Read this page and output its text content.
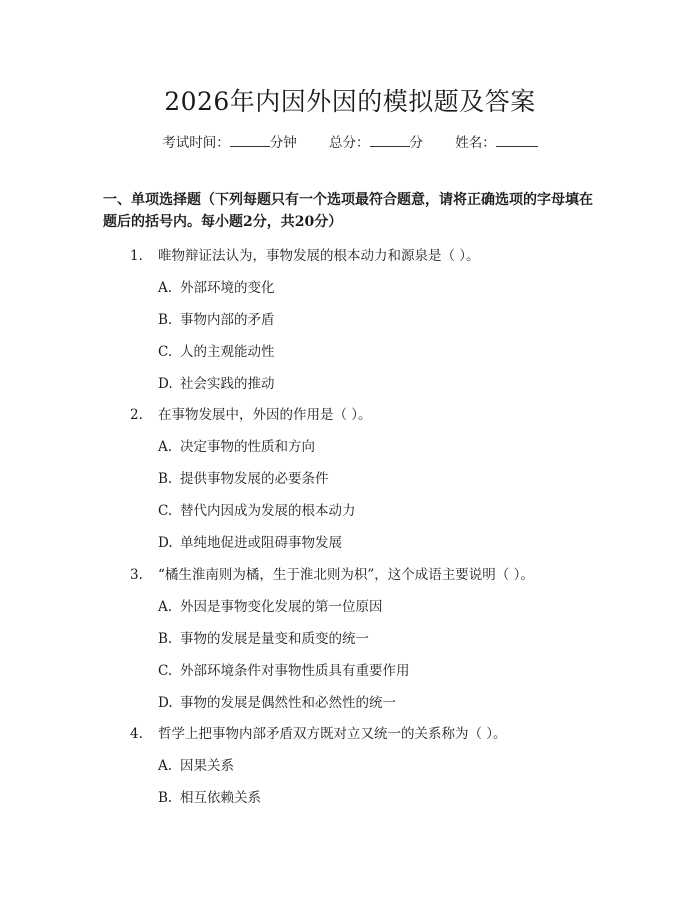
2026年内因外因的模拟题及答案
考试时间：	分钟 总分：	分 姓名：
一、单项选择题（下列每题只有一个选项最符合题意，请将正确选项的字母填在题后的括号内。每小题2分，共20分）
1. 唯物辩证法认为，事物发展的根本动力和源泉是（ ）。
A. 外部环境的变化
B. 事物内部的矛盾
C. 人的主观能动性
D. 社会实践的推动
2. 在事物发展中，外因的作用是（ ）。
A. 决定事物的性质和方向
B. 提供事物发展的必要条件
C. 替代内因成为发展的根本动力
D. 单纯地促进或阻碍事物发展
3. “橘生淮南则为橘，生于淮北则为枳”，这个成语主要说明（ ）。
A. 外因是事物变化发展的第一位原因
B. 事物的发展是量变和质变的统一
C. 外部环境条件对事物性质具有重要作用
D. 事物的发展是偶然性和必然性的统一
4. 哲学上把事物内部矛盾双方既对立又统一的关系称为（ ）。
A. 因果关系
B. 相互依赖关系
